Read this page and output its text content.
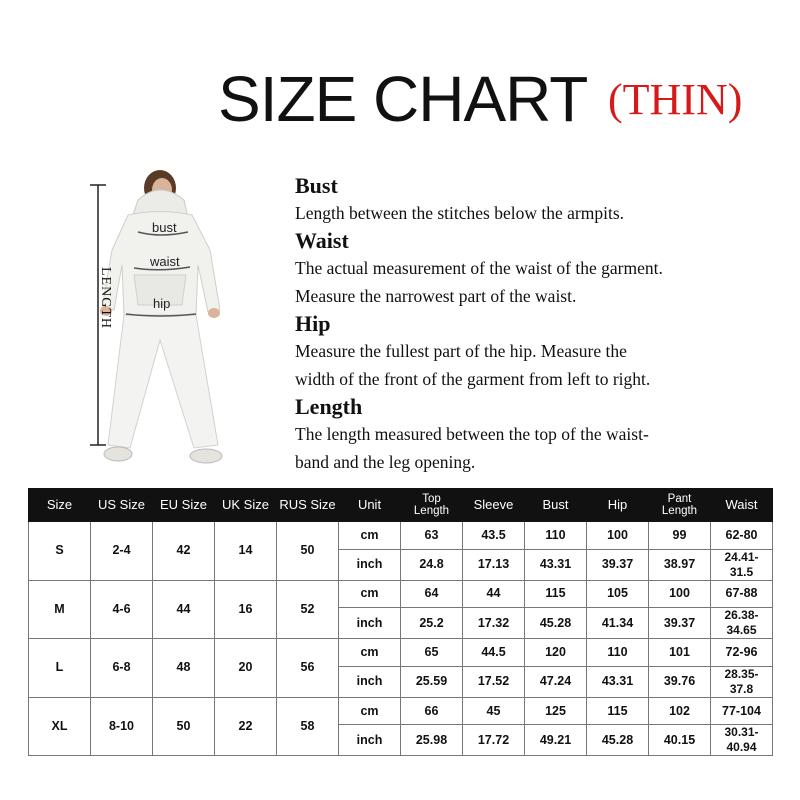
SIZE CHART (THIN)
bust
waist
hip
LENGTH
Bust
Length between the stitches below the armpits.
Waist
The actual measurement of the waist of the garment.
Measure the narrowest part of the waist.
Hip
Measure the fullest part of the hip. Measure the
width of the front of the garment from left to right.
Length
The length measured between the top of the waist-
band and the leg opening.
Size	US Size	EU Size	UK Size	RUS Size	Unit	Top
Length	Sleeve	Bust	Hip	Pant
Length	Waist
S	2-4	42	14	50	cm	63	43.5	110	100	99	62-80
					inch	24.8	17.13	43.31	39.37	38.97	24.41-
31.5
M	4-6	44	16	52	cm	64	44	115	105	100	67-88
					inch	25.2	17.32	45.28	41.34	39.37	26.38-
34.65
L	6-8	48	20	56	cm	65	44.5	120	110	101	72-96
					inch	25.59	17.52	47.24	43.31	39.76	28.35-
37.8
XL	8-10	50	22	58	cm	66	45	125	115	102	77-104
					inch	25.98	17.72	49.21	45.28	40.15	30.31-
40.94
